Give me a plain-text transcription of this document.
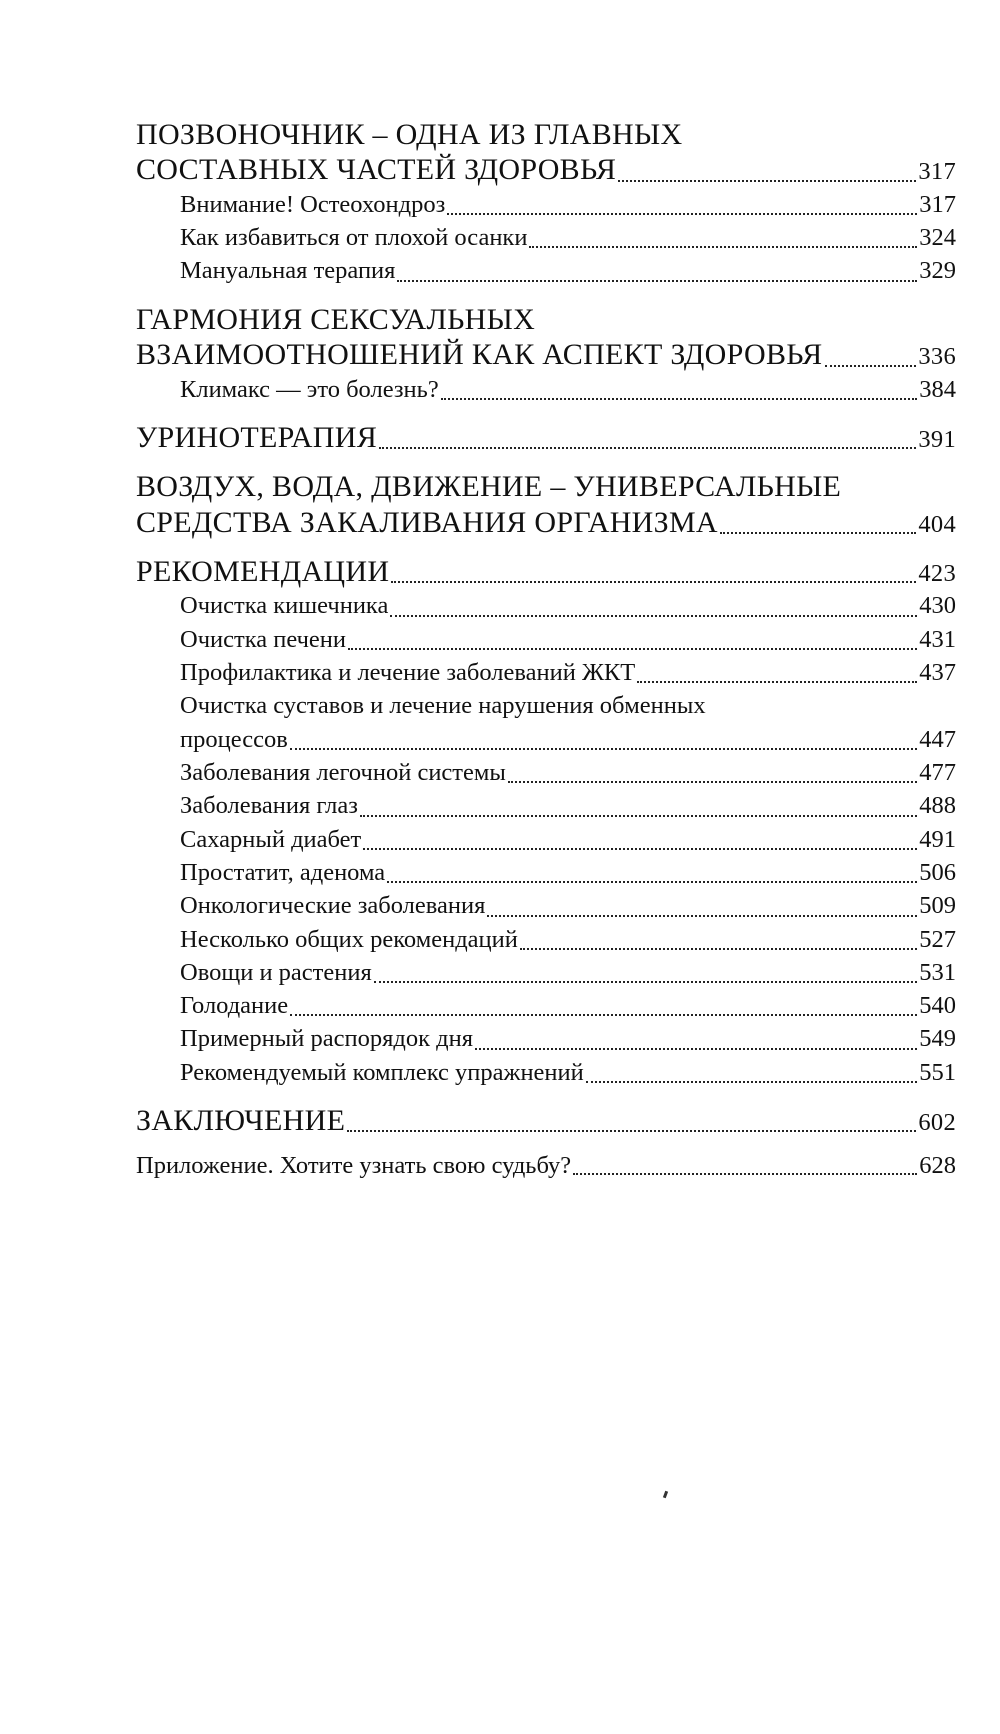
ПОЗВОНОЧНИК – ОДНА ИЗ ГЛАВНЫХ
СОСТАВНЫХ ЧАСТЕЙ ЗДОРОВЬЯ	317
Внимание! Остеохондроз	317
Как избавиться от плохой осанки	324
Мануальная терапия	329
ГАРМОНИЯ СЕКСУАЛЬНЫХ
ВЗАИМООТНОШЕНИЙ КАК АСПЕКТ ЗДОРОВЬЯ	336
Климакс — это болезнь?	384
УРИНОТЕРАПИЯ	391
ВОЗДУХ, ВОДА, ДВИЖЕНИЕ – УНИВЕРСАЛЬНЫЕ
СРЕДСТВА ЗАКАЛИВАНИЯ ОРГАНИЗМА	404
РЕКОМЕНДАЦИИ	423
Очистка кишечника	430
Очистка печени	431
Профилактика и лечение заболеваний ЖКТ	437
Очистка суставов и лечение нарушения обменных
процессов	447
Заболевания легочной системы	477
Заболевания глаз	488
Сахарный диабет	491
Простатит, аденома	506
Онкологические заболевания	509
Несколько общих рекомендаций	527
Овощи и растения	531
Голодание	540
Примерный распорядок дня	549
Рекомендуемый комплекс упражнений	551
ЗАКЛЮЧЕНИЕ	602
Приложение. Хотите узнать свою судьбу?	628
